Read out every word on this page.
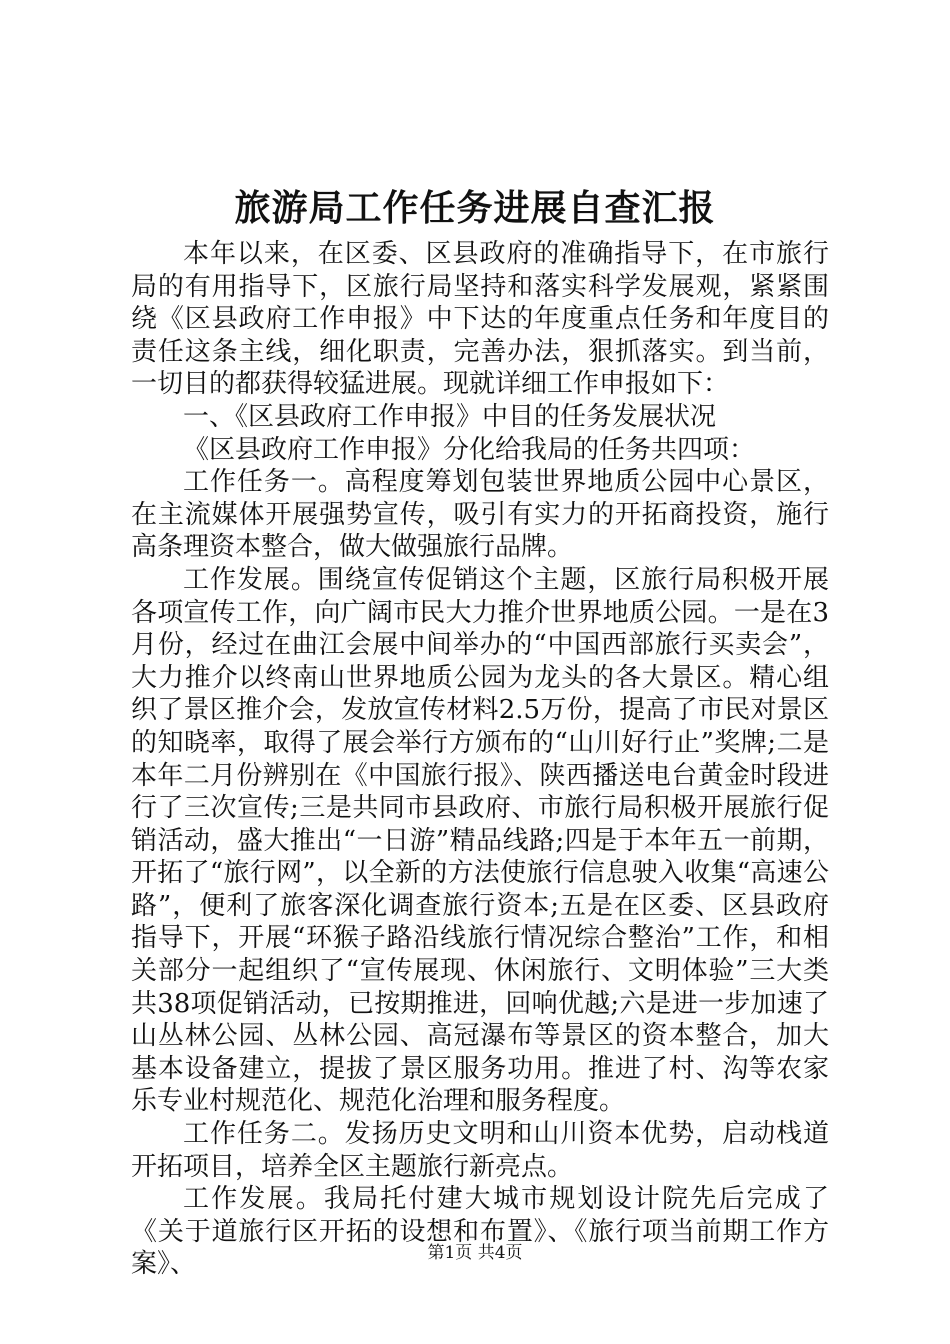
旅游局工作任务进展自查汇报

本年以来，在区委、区县政府的准确指导下，在市旅行局的有用指导下，区旅行局坚持和落实科学发展观，紧紧围绕《区县政府工作申报》中下达的年度重点任务和年度目的责任这条主线，细化职责，完善办法，狠抓落实。到当前，一切目的都获得较猛进展。现就详细工作申报如下：

一、《区县政府工作申报》中目的任务发展状况

《区县政府工作申报》分化给我局的任务共四项：

工作任务一。高程度筹划包装世界地质公园中心景区，在主流媒体开展强势宣传，吸引有实力的开拓商投资，施行高条理资本整合，做大做强旅行品牌。

工作发展。围绕宣传促销这个主题，区旅行局积极开展各项宣传工作，向广阔市民大力推介世界地质公园。一是在3月份，经过在曲江会展中间举办的“中国西部旅行买卖会”，大力推介以终南山世界地质公园为龙头的各大景区。精心组织了景区推介会，发放宣传材料2.5万份，提高了市民对景区的知晓率，取得了展会举行方颁布的“山川好行止”奖牌;二是本年二月份辨别在《中国旅行报》、陕西播送电台黄金时段进行了三次宣传;三是共同市县政府、市旅行局积极开展旅行促销活动，盛大推出“一日游”精品线路;四是于本年五一前期，开拓了“旅行网”，以全新的方法使旅行信息驶入收集“高速公路”，便利了旅客深化调查旅行资本;五是在区委、区县政府指导下，开展“环猴子路沿线旅行情况综合整治”工作，和相关部分一起组织了“宣传展现、休闲旅行、文明体验”三大类共38项促销活动，已按期推进，回响优越;六是进一步加速了山丛林公园、丛林公园、高冠瀑布等景区的资本整合，加大基本设备建立，提拔了景区服务功用。推进了村、沟等农家乐专业村规范化、规范化治理和服务程度。

工作任务二。发扬历史文明和山川资本优势，启动栈道开拓项目，培养全区主题旅行新亮点。

工作发展。我局托付建大城市规划设计院先后完成了《关于道旅行区开拓的设想和布置》、《旅行项当前期工作方案》、	第1页 共4页
